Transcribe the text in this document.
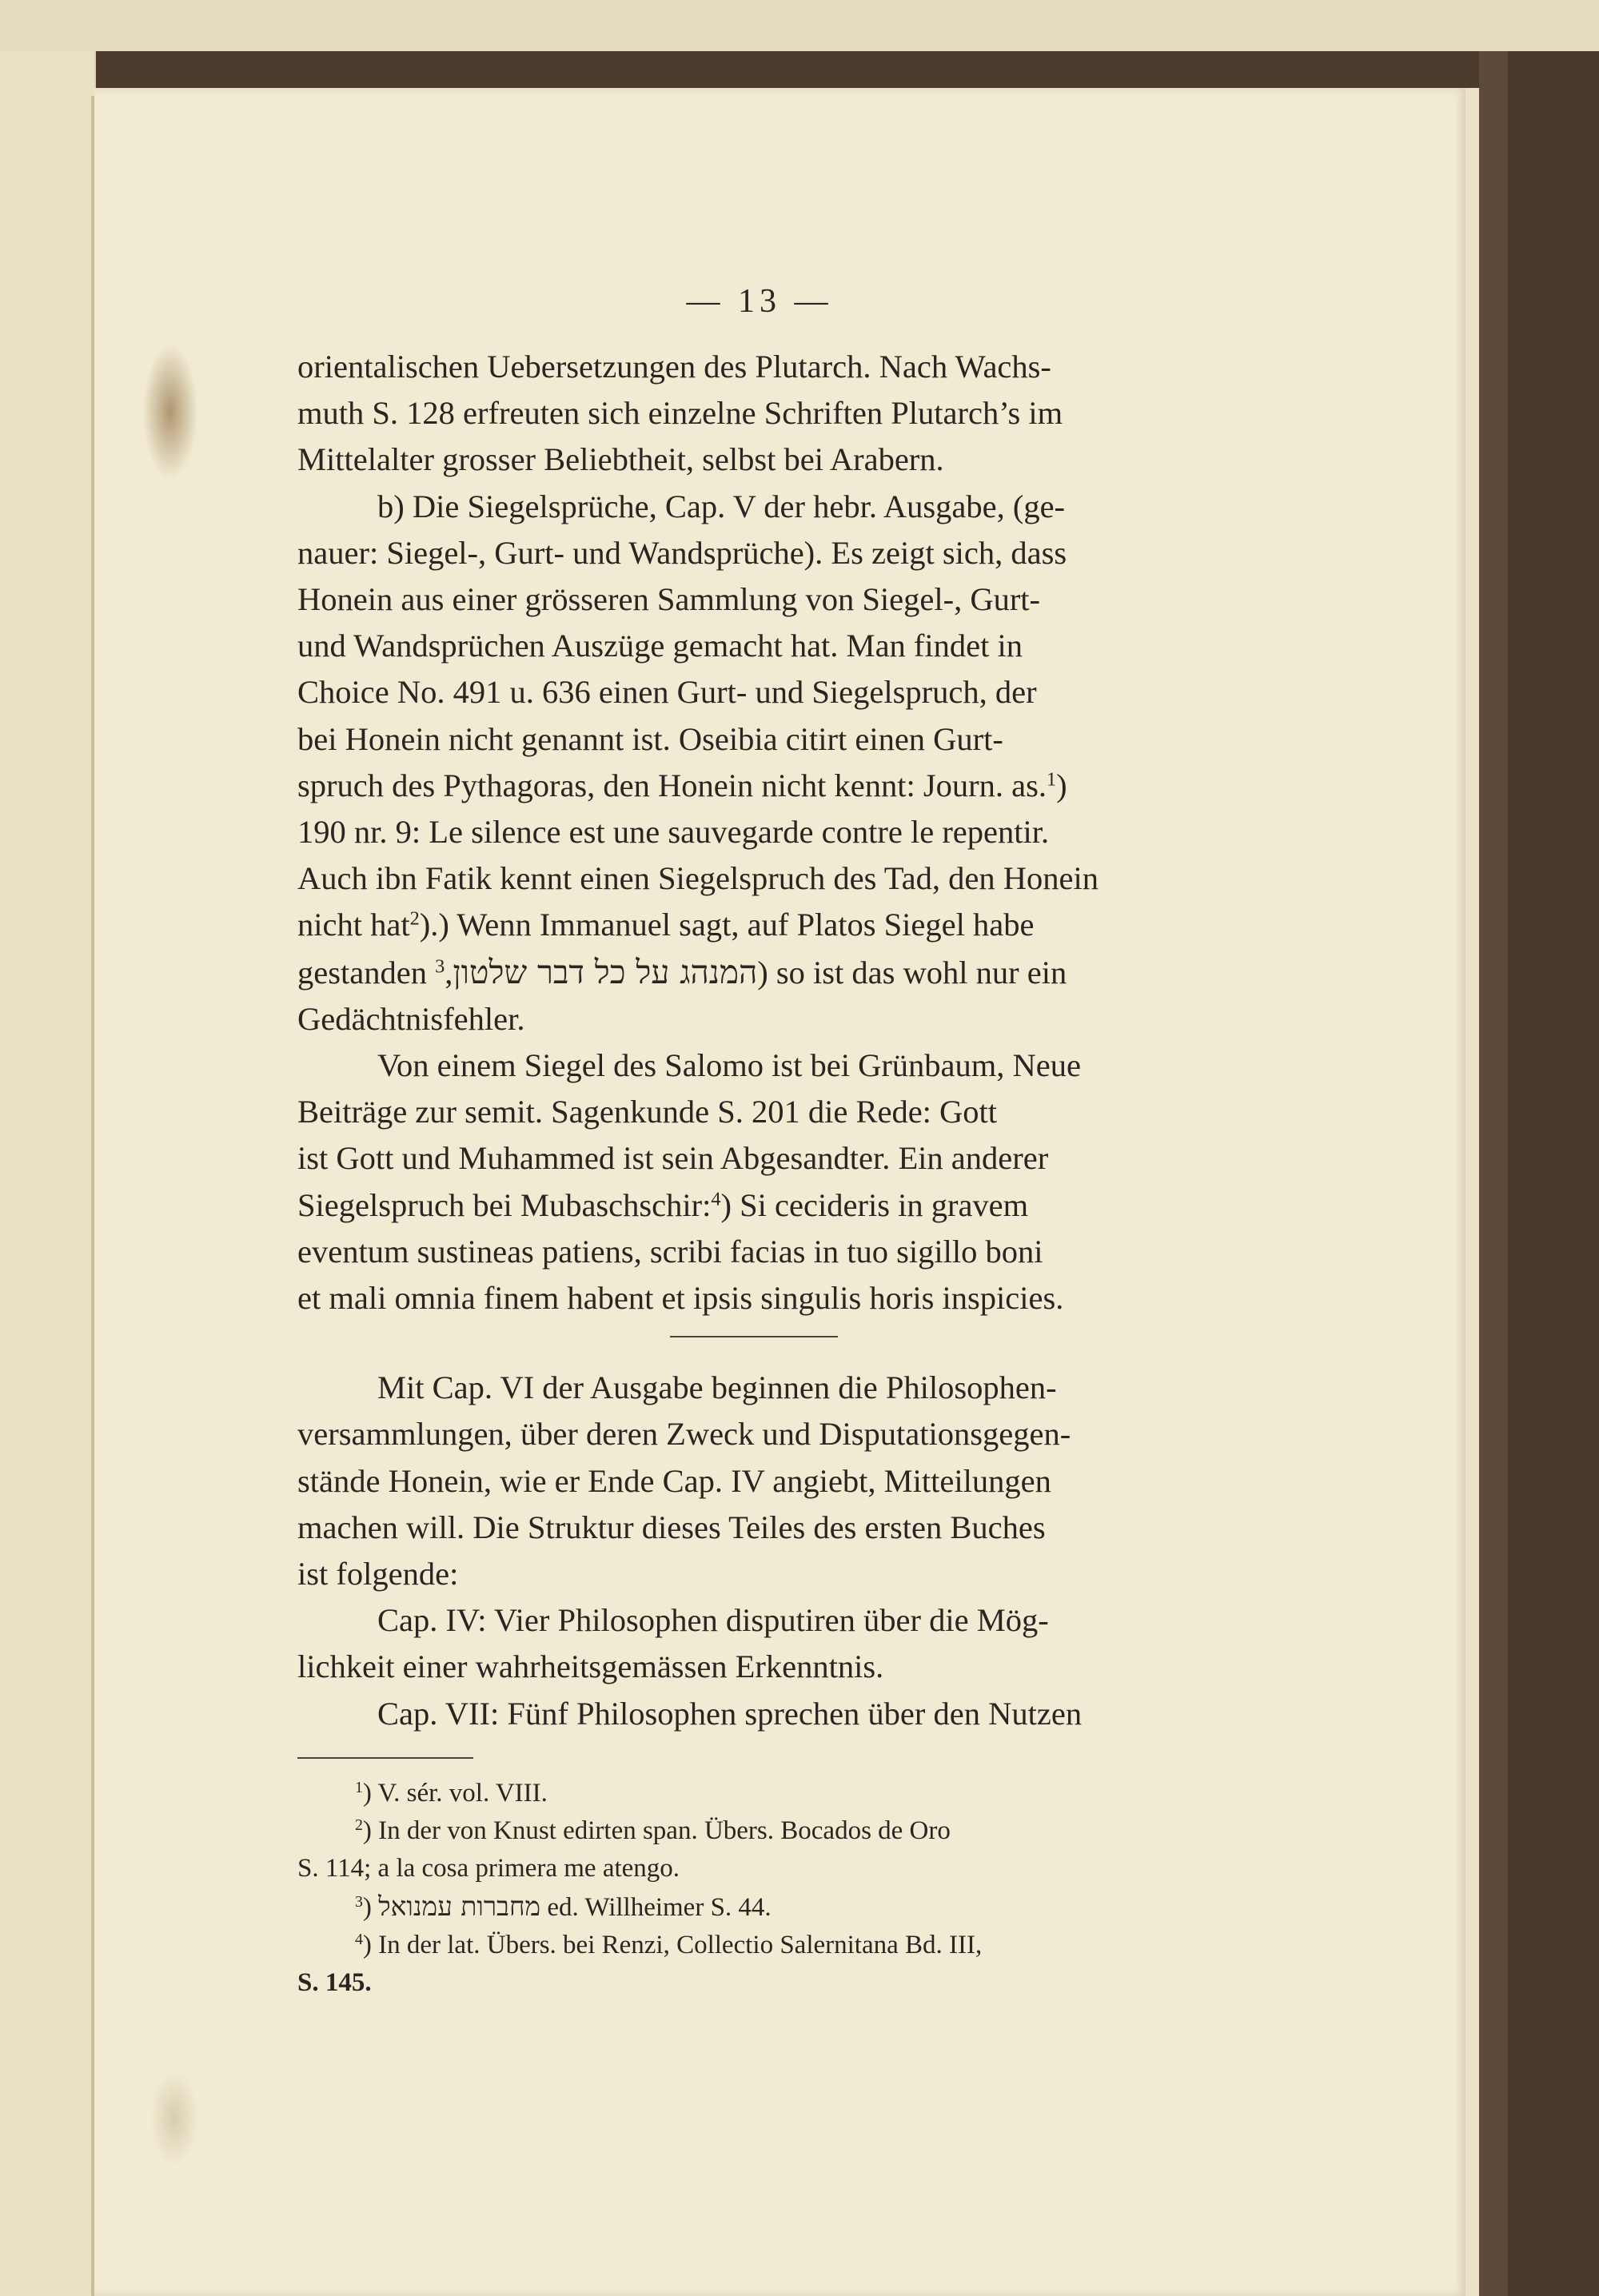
— 13 —

orientalischen Uebersetzungen des Plutarch. Nach Wachs-
muth S. 128 erfreuten sich einzelne Schriften Plutarch’s im
Mittelalter grosser Beliebtheit, selbst bei Arabern.

b) Die Siegelsprüche, Cap. V der hebr. Ausgabe, (ge-
nauer: Siegel-, Gurt- und Wandsprüche). Es zeigt sich, dass
Honein aus einer grösseren Sammlung von Siegel-, Gurt-
und Wandsprüchen Auszüge gemacht hat. Man findet in
Choice No. 491 u. 636 einen Gurt- und Siegelspruch, der
bei Honein nicht genannt ist. Oseibia citirt einen Gurt-
spruch des Pythagoras, den Honein nicht kennt: Journ. as.$^1$)
190 nr. 9: Le silence est une sauvegarde contre le repentir.
Auch ibn Fatik kennt einen Siegelspruch des Tad, den Honein
nicht hat$^2$).) Wenn Immanuel sagt, auf Platos Siegel habe
gestanden המנהג על כל דבר שלטון,$^3$	) so ist das wohl nur ein
Gedächtnisfehler.

Von einem Siegel des Salomo ist bei Grünbaum, Neue
Beiträge zur semit. Sagenkunde S. 201 die Rede: Gott
ist Gott und Muhammed ist sein Abgesandter. Ein anderer
Siegelspruch bei Mubaschschir:$^4$) Si cecideris in gravem
eventum sustineas patiens, scribi facias in tuo sigillo boni
et mali omnia finem habent et ipsis singulis horis inspicies.

Mit Cap. VI der Ausgabe beginnen die Philosophen-
versammlungen, über deren Zweck und Disputationsgegen-
stände Honein, wie er Ende Cap. IV angiebt, Mitteilungen
machen will. Die Struktur dieses Teiles des ersten Buches
ist folgende:

Cap. IV: Vier Philosophen disputiren über die Mög-
lichkeit einer wahrheitsgemässen Erkenntnis.

Cap. VII: Fünf Philosophen sprechen über den Nutzen

$^1$) V. sér. vol. VIII.

$^2$) In der von Knust edirten span. Übers. Bocados de Oro
S. 114; a la cosa primera me atengo.

$^3$) מחברות עמנואל ed. Willheimer S. 44.

$^4$) In der lat. Übers. bei Renzi, Collectio Salernitana Bd. III,
S. 145.
